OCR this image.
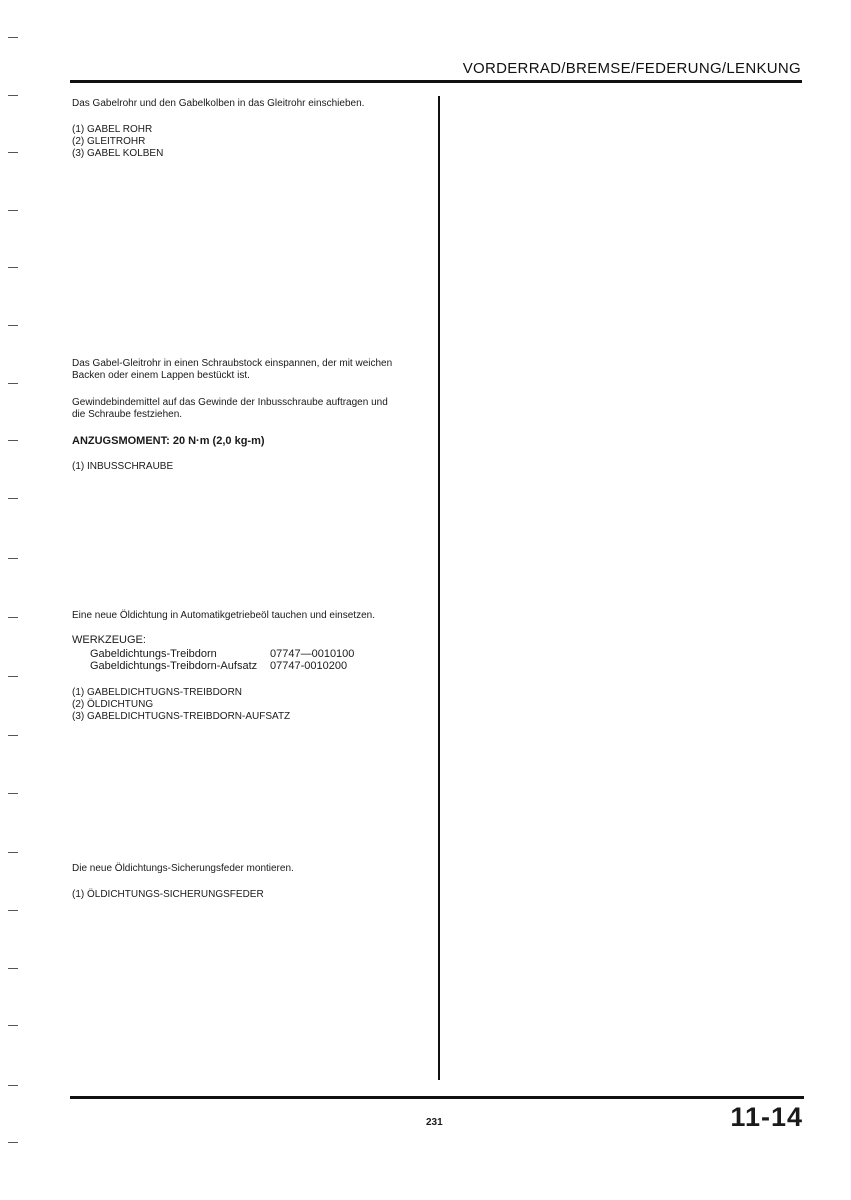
VORDERRAD/BREMSE/FEDERUNG/LENKUNG
Das Gabelrohr und den Gabelkolben in das Gleitrohr einschieben.
(1) GABEL ROHR
(2) GLEITROHR
(3) GABEL KOLBEN
Das Gabel-Gleitrohr in einen Schraubstock einspannen, der mit weichen
Backen oder einem Lappen bestückt ist.
Gewindebindemittel auf das Gewinde der Inbusschraube auftragen und
die Schraube festziehen.
ANZUGSMOMENT: 20 N·m (2,0 kg-m)
(1) INBUSSCHRAUBE
Eine neue Öldichtung in Automatikgetriebeöl tauchen und einsetzen.
WERKZEUGE:
Gabeldichtungs-Treibdorn	07747—0010100
Gabeldichtungs-Treibdorn-Aufsatz 07747-0010200
(1) GABELDICHTUGNS-TREIBDORN
(2) ÖLDICHTUNG
(3) GABELDICHTUGNS-TREIBDORN-AUFSATZ
Die neue Öldichtungs-Sicherungsfeder montieren.
(1) ÖLDICHTUNGS-SICHERUNGSFEDER
231	11-14
